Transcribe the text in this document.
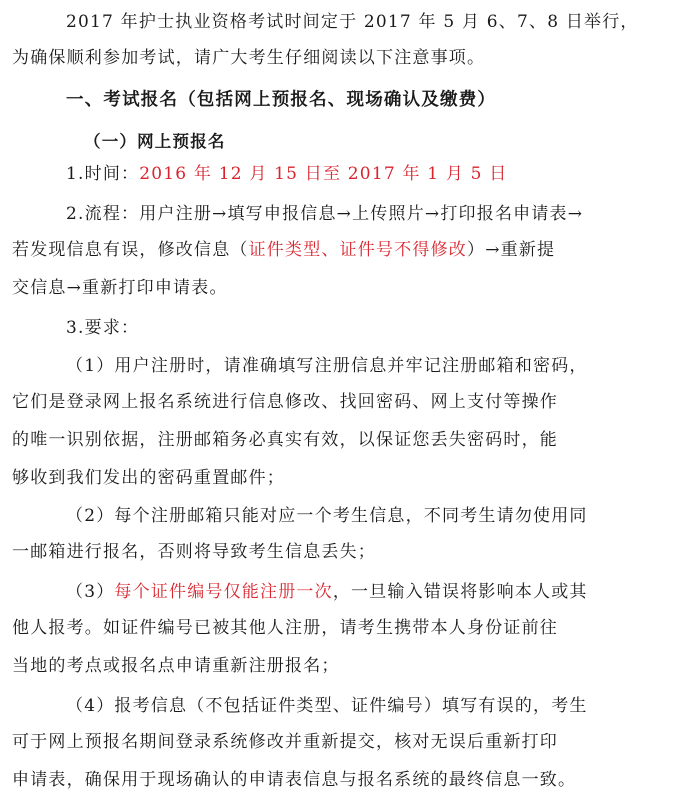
2017 年护士执业资格考试时间定于 2017 年 5 月 6、7、8 日举行，
为确保顺利参加考试，请广大考生仔细阅读以下注意事项。
一、考试报名（包括网上预报名、现场确认及缴费）
（一）网上预报名
1.时间：2016 年 12 月 15 日至 2017 年 1 月 5 日
2.流程：用户注册→填写申报信息→上传照片→打印报名申请表→
若发现信息有误，修改信息（证件类型、证件号不得修改）→重新提
交信息→重新打印申请表。
3.要求：
（1）用户注册时，请准确填写注册信息并牢记注册邮箱和密码，
它们是登录网上报名系统进行信息修改、找回密码、网上支付等操作
的唯一识别依据，注册邮箱务必真实有效，以保证您丢失密码时，能
够收到我们发出的密码重置邮件；
（2）每个注册邮箱只能对应一个考生信息，不同考生请勿使用同
一邮箱进行报名，否则将导致考生信息丢失；
（3）每个证件编号仅能注册一次，一旦输入错误将影响本人或其
他人报考。如证件编号已被其他人注册，请考生携带本人身份证前往
当地的考点或报名点申请重新注册报名；
（4）报考信息（不包括证件类型、证件编号）填写有误的，考生
可于网上预报名期间登录系统修改并重新提交，核对无误后重新打印
申请表，确保用于现场确认的申请表信息与报名系统的最终信息一致。
